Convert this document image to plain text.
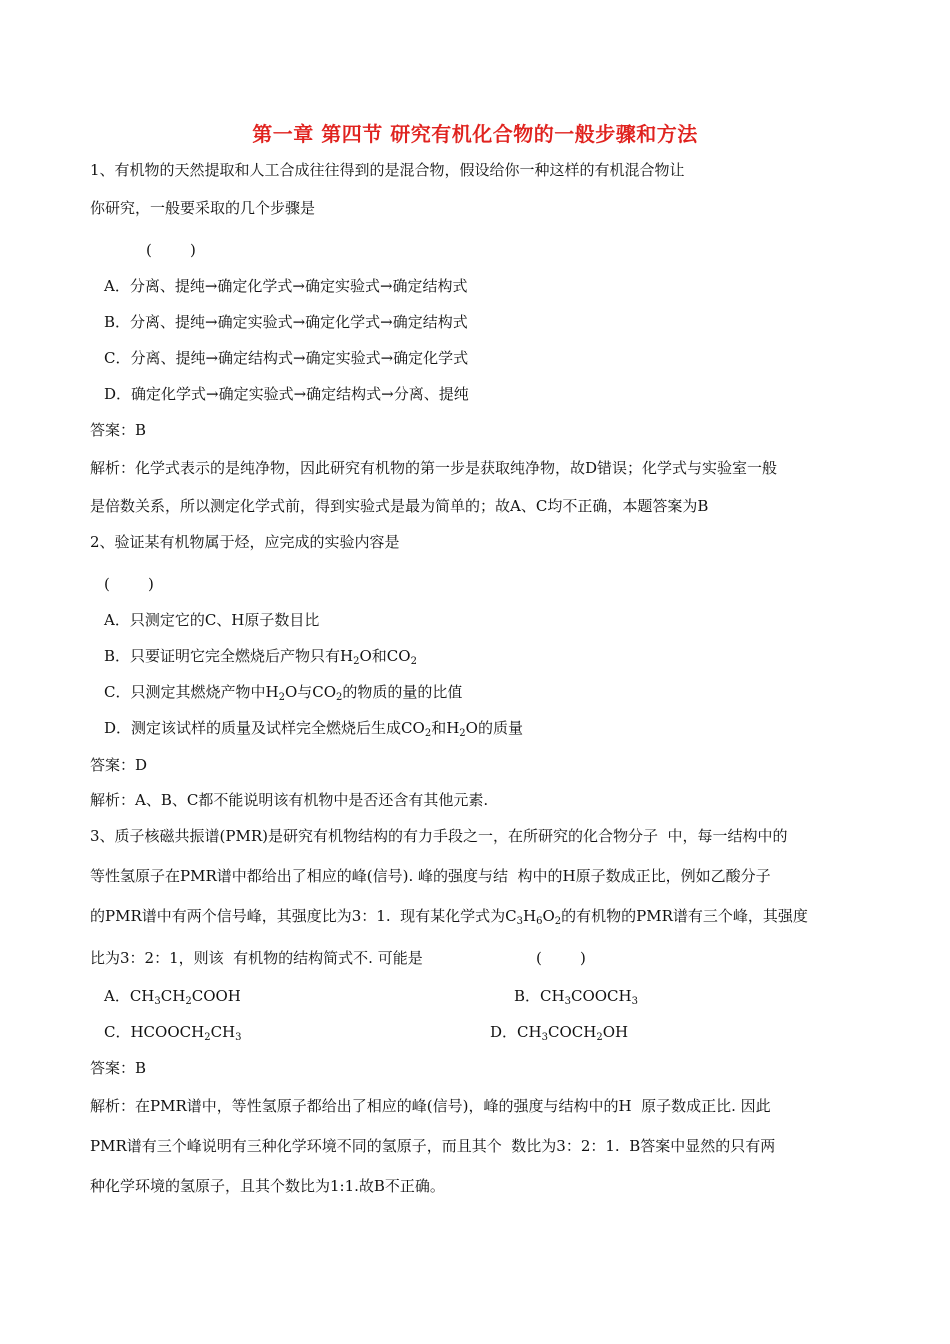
第一章 第四节 研究有机化合物的一般步骤和方法
1、有机物的天然提取和人工合成往往得到的是混合物，假设给你一种这样的有机混合物让
你研究，一般要采取的几个步骤是
(        )
A．分离、提纯→确定化学式→确定实验式→确定结构式
B．分离、提纯→确定实验式→确定化学式→确定结构式
C．分离、提纯→确定结构式→确定实验式→确定化学式
D．确定化学式→确定实验式→确定结构式→分离、提纯
答案：B
解析：化学式表示的是纯净物，因此研究有机物的第一步是获取纯净物，故D错误；化学式与实验室一般
是倍数关系，所以测定化学式前，得到实验式是最为简单的；故A、C均不正确，本题答案为B
2、验证某有机物属于烃，应完成的实验内容是
(        )
A．只测定它的C、H原子数目比
B．只要证明它完全燃烧后产物只有$H_2O$和$CO_2$
C．只测定其燃烧产物中$H_2O$与$CO_2$的物质的量的比值
D．测定该试样的质量及试样完全燃烧后生成$CO_2$和$H_2O$的质量
答案：D
解析：A、B、C都不能说明该有机物中是否还含有其他元素.
3、质子核磁共振谱(PMR)是研究有机物结构的有力手段之一，在所研究的化合物分子  中，每一结构中的
等性氢原子在PMR谱中都给出了相应的峰(信号). 峰的强度与结  构中的H原子数成正比，例如乙酸分子
的PMR谱中有两个信号峰，其强度比为3：1.  现有某化学式为$C_3H_6O_2$的有机物的PMR谱有三个峰，其强度
比为3：2：1，则该  有机物的结构简式不. 可能是	(        )
A．$CH_3CH_2COOH$	B．$CH_3COOCH_3$
C．$HCOOCH_2CH_3$	D．$CH_3COCH_2OH$
答案：B
解析：在PMR谱中，等性氢原子都给出了相应的峰(信号)，峰的强度与结构中的H  原子数成正比. 因此
PMR谱有三个峰说明有三种化学环境不同的氢原子，而且其个  数比为3：2：1.  B答案中显然的只有两
种化学环境的氢原子，且其个数比为1:1.故B不正确。
